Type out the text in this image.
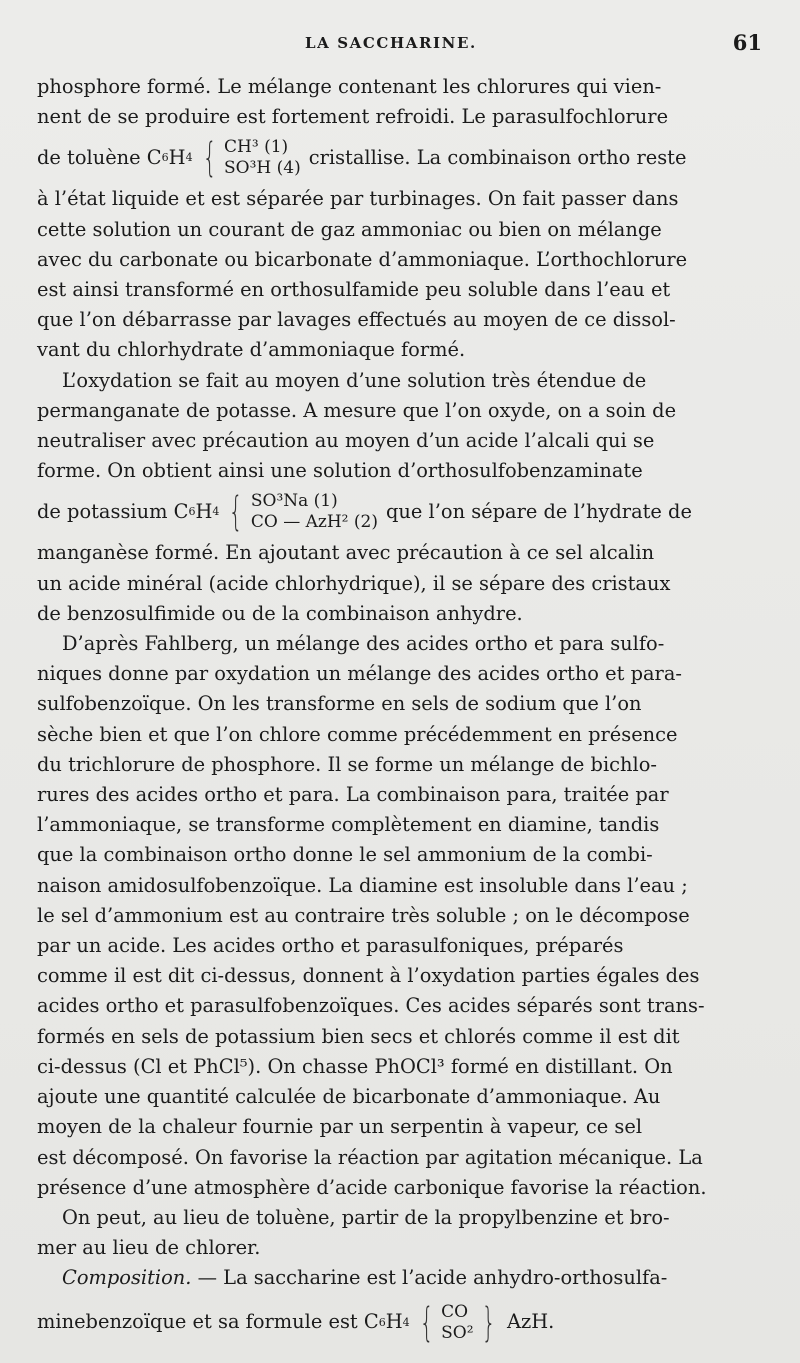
LA SACCHARINE.	61

phosphore formé. Le mélange contenant les chlorures qui vien-

nent de se produire est fortement refroidi. Le parasulfochlorure

de toluène C 6 H 4 { CH³ (1)
SO³H (4) cristallise. La combinaison ortho reste

à l’état liquide et est séparée par turbinages. On fait passer dans

cette solution un courant de gaz ammoniac ou bien on mélange

avec du carbonate ou bicarbonate d’ammoniaque. L’orthochlorure

est ainsi transformé en orthosulfamide peu soluble dans l’eau et

que l’on débarrasse par lavages effectués au moyen de ce dissol-

vant du chlorhydrate d’ammoniaque formé.

L’oxydation se fait au moyen d’une solution très étendue de

permanganate de potasse. A mesure que l’on oxyde, on a soin de

neutraliser avec précaution au moyen d’un acide l’alcali qui se

forme. On obtient ainsi une solution d’orthosulfobenzaminate

de potassium C 6 H 4 { SO³Na (1)
CO — AzH² (2) que l’on sépare de l’hydrate de

manganèse formé. En ajoutant avec précaution à ce sel alcalin

un acide minéral (acide chlorhydrique), il se sépare des cristaux

de benzosulfimide ou de la combinaison anhydre.

D’après Fahlberg, un mélange des acides ortho et para sulfo-

niques donne par oxydation un mélange des acides ortho et para-

sulfobenzoïque. On les transforme en sels de sodium que l’on

sèche bien et que l’on chlore comme précédemment en présence

du trichlorure de phosphore. Il se forme un mélange de bichlo-

rures des acides ortho et para. La combinaison para, traitée par

l’ammoniaque, se transforme complètement en diamine, tandis

que la combinaison ortho donne le sel ammonium de la combi-

naison amidosulfobenzoïque. La diamine est insoluble dans l’eau ;

le sel d’ammonium est au contraire très soluble ; on le décompose

par un acide. Les acides ortho et parasulfoniques, préparés

comme il est dit ci-dessus, donnent à l’oxydation parties égales des

acides ortho et parasulfobenzoïques. Ces acides séparés sont trans-

formés en sels de potassium bien secs et chlorés comme il est dit

ci-dessus (Cl et PhCl⁵). On chasse PhOCl³ formé en distillant. On

ajoute une quantité calculée de bicarbonate d’ammoniaque. Au

moyen de la chaleur fournie par un serpentin à vapeur, ce sel

est décomposé. On favorise la réaction par agitation mécanique. La

présence d’une atmosphère d’acide carbonique favorise la réaction.

On peut, au lieu de toluène, partir de la propylbenzine et bro-

mer au lieu de chlorer.

Composition. — La saccharine est l’acide anhydro-orthosulfa-

minebenzoïque et sa formule est C 6 H 4 { CO
SO² } AzH.
